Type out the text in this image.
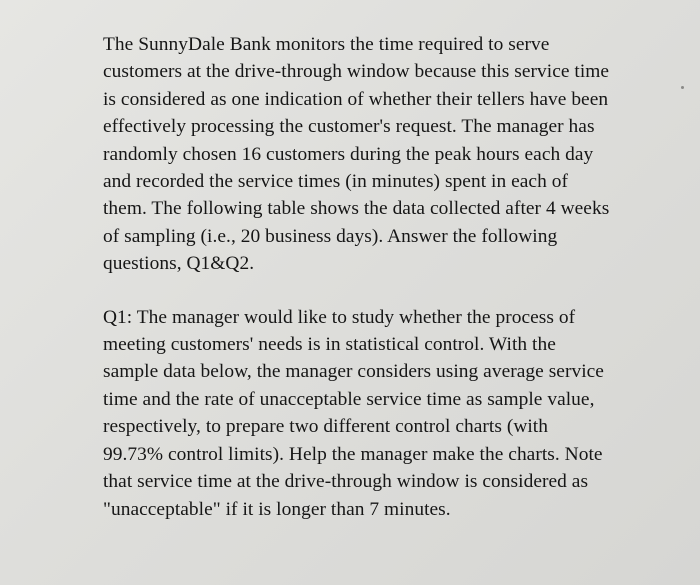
The SunnyDale Bank monitors the time required to serve
customers at the drive-through window because this service time
is considered as one indication of whether their tellers have been
effectively processing the customer's request. The manager has
randomly chosen 16 customers during the peak hours each day
and recorded the service times (in minutes) spent in each of
them. The following table shows the data collected after 4 weeks
of sampling (i.e., 20 business days). Answer the following
questions, Q1&Q2.

Q1: The manager would like to study whether the process of
meeting customers' needs is in statistical control. With the
sample data below, the manager considers using average service
time and the rate of unacceptable service time as sample value,
respectively, to prepare two different control charts (with
99.73% control limits). Help the manager make the charts. Note
that service time at the drive-through window is considered as
"unacceptable" if it is longer than 7 minutes.
